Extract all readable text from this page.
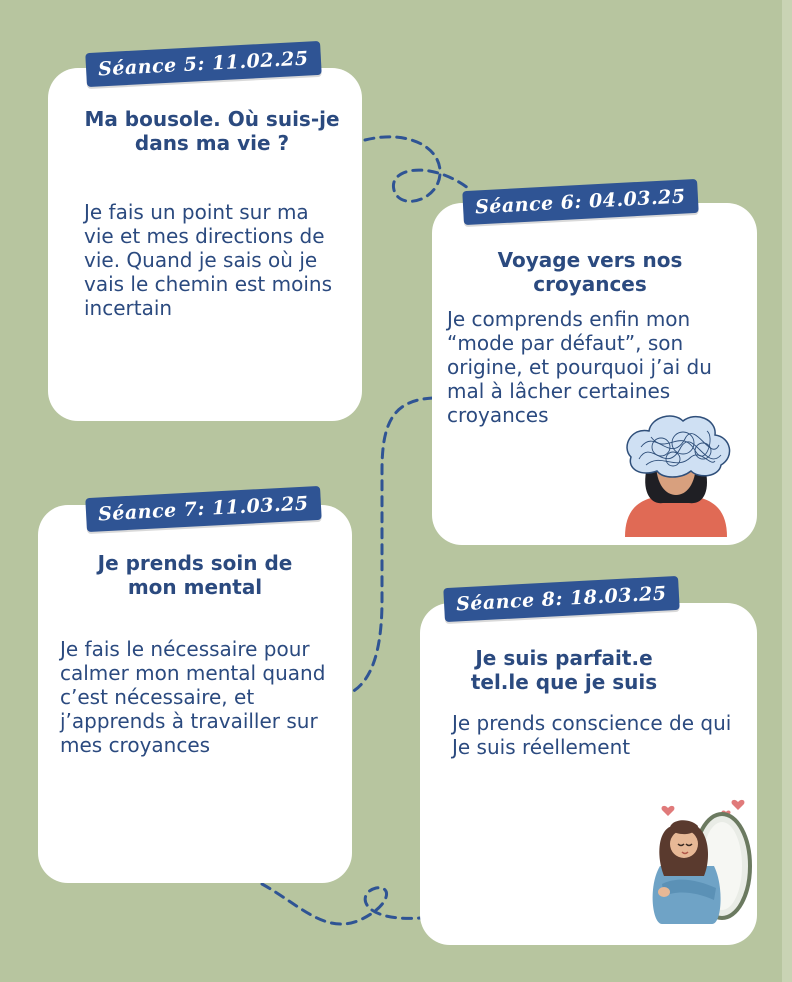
Séance 5: 11.02.25

Ma bousole. Où suis-je dans ma vie ?

Je fais un point sur ma vie et mes directions de vie. Quand je sais où je vais le chemin est moins incertain

Séance 6: 04.03.25

Voyage vers nos croyances

Je comprends enfin mon “mode par défaut”, son origine, et pourquoi j’ai du mal à lâcher certaines croyances

Séance 7: 11.03.25

Je prends soin de mon mental

Je fais le nécessaire pour calmer mon mental quand c’est nécessaire, et j’apprends à travailler sur mes croyances

Séance 8: 18.03.25

Je suis parfait.e tel.le que je suis

Je prends conscience de qui Je suis réellement
